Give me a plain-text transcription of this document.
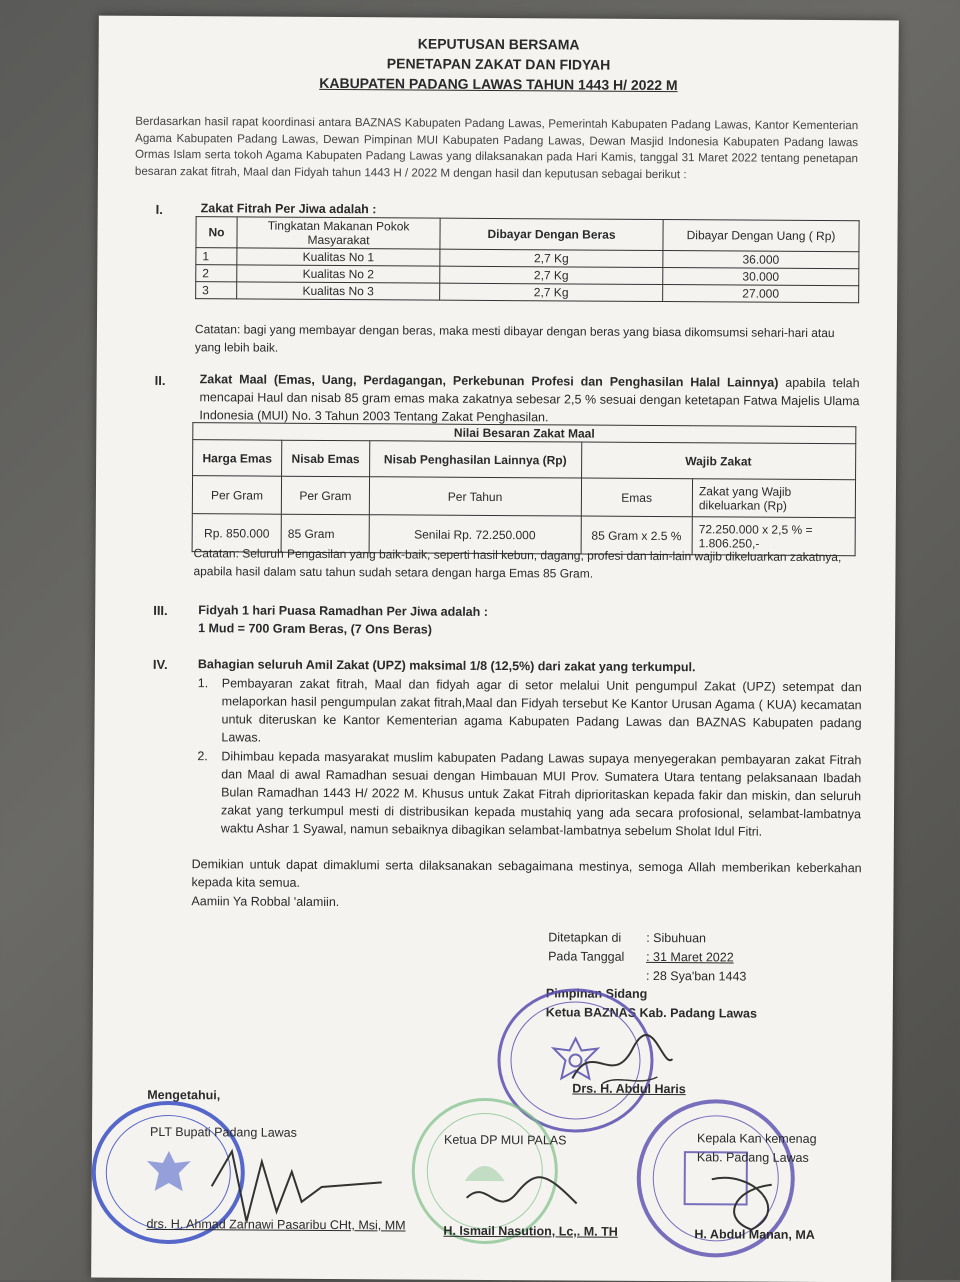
KEPUTUSAN BERSAMA
PENETAPAN ZAKAT DAN FIDYAH
KABUPATEN PADANG LAWAS TAHUN 1443 H/ 2022 M
Berdasarkan hasil rapat koordinasi antara BAZNAS Kabupaten Padang Lawas, Pemerintah Kabupaten Padang Lawas, Kantor Kementerian Agama Kabupaten Padang Lawas, Dewan Pimpinan MUI Kabupaten Padang Lawas, Dewan Masjid Indonesia Kabupaten Padang lawas Ormas Islam serta tokoh Agama Kabupaten Padang Lawas yang dilaksanakan pada Hari Kamis, tanggal 31 Maret 2022 tentang penetapan besaran zakat fitrah, Maal dan Fidyah tahun 1443 H / 2022 M dengan hasil dan keputusan sebagai berikut :
I.	Zakat Fitrah Per Jiwa adalah :
No	Tingkatan Makanan Pokok Masyarakat	Dibayar Dengan Beras	Dibayar Dengan Uang ( Rp)
1	Kualitas No 1	2,7 Kg	36.000
2	Kualitas No 2	2,7 Kg	30.000
3	Kualitas No 3	2,7 Kg	27.000
Catatan: bagi yang membayar dengan beras, maka mesti dibayar dengan beras yang biasa dikomsumsi sehari-hari atau yang lebih baik.
II.	Zakat Maal (Emas, Uang, Perdagangan, Perkebunan Profesi dan Penghasilan Halal Lainnya) apabila telah mencapai Haul dan nisab 85 gram emas maka zakatnya sebesar 2,5 % sesuai dengan ketetapan Fatwa Majelis Ulama Indonesia (MUI) No. 3 Tahun 2003 Tentang Zakat Penghasilan.
Nilai Besaran Zakat Maal				
Harga Emas	Nisab Emas	Nisab Penghasilan Lainnya (Rp)	Wajib Zakat	
Per Gram	Per Gram	Per Tahun	Emas	Zakat yang Wajib dikeluarkan (Rp)
Rp. 850.000	85 Gram	Senilai Rp. 72.250.000	85 Gram x 2.5 %	72.250.000 x 2,5 % = 1.806.250,-
Catatan: Seluruh Pengasilan yang baik-baik, seperti hasil kebun, dagang, profesi dan lain-lain wajib dikeluarkan zakatnya, apabila hasil dalam satu tahun sudah setara dengan harga Emas 85 Gram.
III. Fidyah 1 hari Puasa Ramadhan Per Jiwa adalah :
1 Mud = 700 Gram Beras, (7 Ons Beras)
IV. Bahagian seluruh Amil Zakat (UPZ) maksimal 1/8 (12,5%) dari zakat yang terkumpul.
1. Pembayaran zakat fitrah, Maal dan fidyah agar di setor melalui Unit pengumpul Zakat (UPZ) setempat dan melaporkan hasil pengumpulan zakat fitrah,Maal dan Fidyah tersebut Ke Kantor Urusan Agama ( KUA) kecamatan untuk diteruskan ke Kantor Kementerian agama Kabupaten Padang Lawas dan BAZNAS Kabupaten padang Lawas.
2. Dihimbau kepada masyarakat muslim kabupaten Padang Lawas supaya menyegerakan pembayaran zakat Fitrah dan Maal di awal Ramadhan sesuai dengan Himbauan MUI Prov. Sumatera Utara tentang pelaksanaan Ibadah Bulan Ramadhan 1443 H/ 2022 M. Khusus untuk Zakat Fitrah diprioritaskan kepada fakir dan miskin, dan seluruh zakat yang terkumpul mesti di distribusikan kepada mustahiq yang ada secara profosional, selambat-lambatnya waktu Ashar 1 Syawal, namun sebaiknya dibagikan selambat-lambatnya sebelum Sholat Idul Fitri.
Demikian untuk dapat dimaklumi serta dilaksanakan sebagaimana mestinya, semoga Allah memberikan keberkahan kepada kita semua.
Aamiin Ya Robbal 'alamiin.
Ditetapkan di : Sibuhuan
Pada Tanggal : 31 Maret 2022
: 28 Sya'ban 1443
Pimpinan Sidang
Ketua BAZNAS Kab. Padang Lawas
Drs. H. Abdul Haris
Mengetahui,
PLT Bupati Padang Lawas
drs. H. Ahmad Zarnawi Pasaribu CHt, Msi, MM
Ketua DP MUI PALAS
H. Ismail Nasution, Lc,. M. TH
Kepala Kan kemenag
Kab. Padang Lawas
H. Abdul Manan, MA
